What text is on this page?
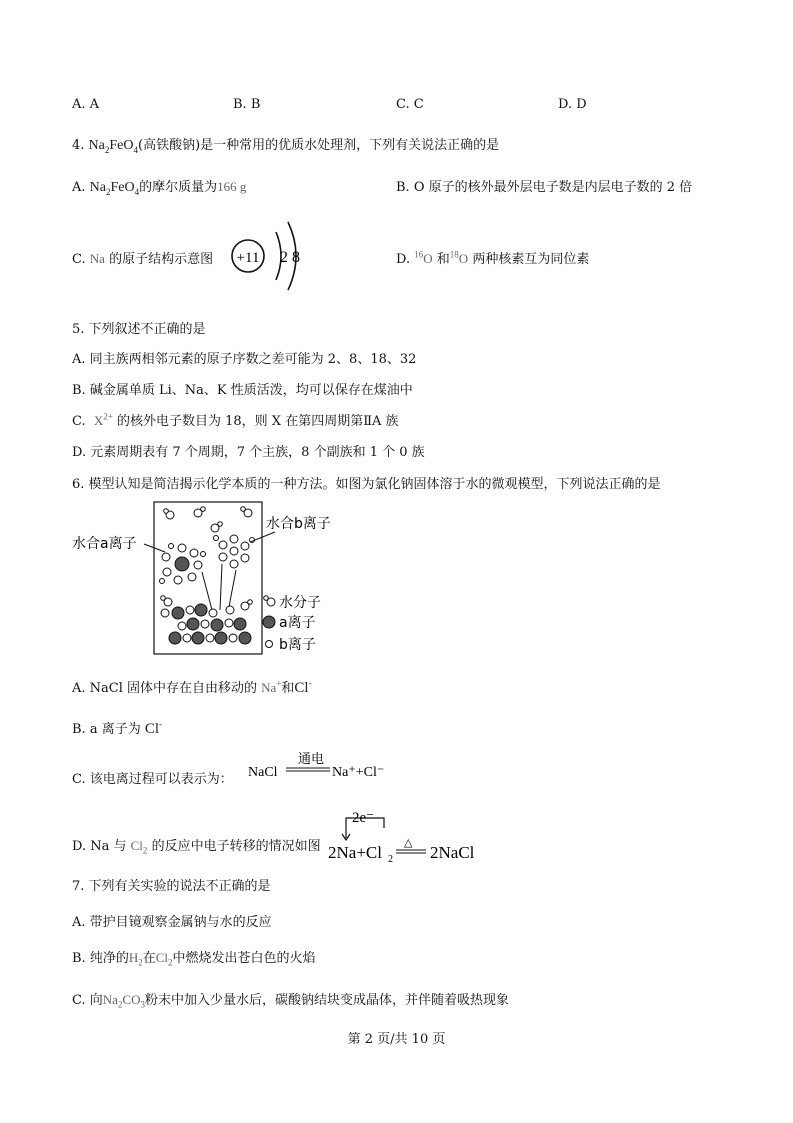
A. A	B. B	C. C	D. D
4. $Na_2FeO_4$(高铁酸钠)是一种常用的优质水处理剂，下列有关说法正确的是
A. $Na_2FeO_4$的摩尔质量为166 g	B. O 原子的核外最外层电子数是内层电子数的 2 倍
C. Na 的原子结构示意图 +11 2 8	D. $^{16}$O 和$^{18}$O 两种核素互为同位素
5. 下列叙述不正确的是
A. 同主族两相邻元素的原子序数之差可能为 2、8、18、32
B. 碱金属单质 Li、Na、K 性质活泼，均可以保存在煤油中
C. $X^{2+}$ 的核外电子数目为 18，则 X 在第四周期第ⅡA 族
D. 元素周期表有 7 个周期，7 个主族，8 个副族和 1 个 0 族
6. 模型认知是简洁揭示化学本质的一种方法。如图为氯化钠固体溶于水的微观模型，下列说法正确的是
水合a离子
水合b离子
水分子
a离子
b离子
A. NaCl 固体中存在自由移动的 Na+和Cl-
B. a 离子为 Cl-
C. 该电离过程可以表示为： NaCl
通电
Na⁺+Cl⁻
D. Na 与 $Cl_2$ 的反应中电子转移的情况如图
2e⁻
2Na+Cl 2
△
2NaCl
7. 下列有关实验的说法不正确的是
A. 带护目镜观察金属钠与水的反应
B. 纯净的$H_2$在$Cl_2$中燃烧发出苍白色的火焰
C. 向$Na_2CO_3$粉末中加入少量水后，碳酸钠结块变成晶体，并伴随着吸热现象
第 2 页/共 10 页
